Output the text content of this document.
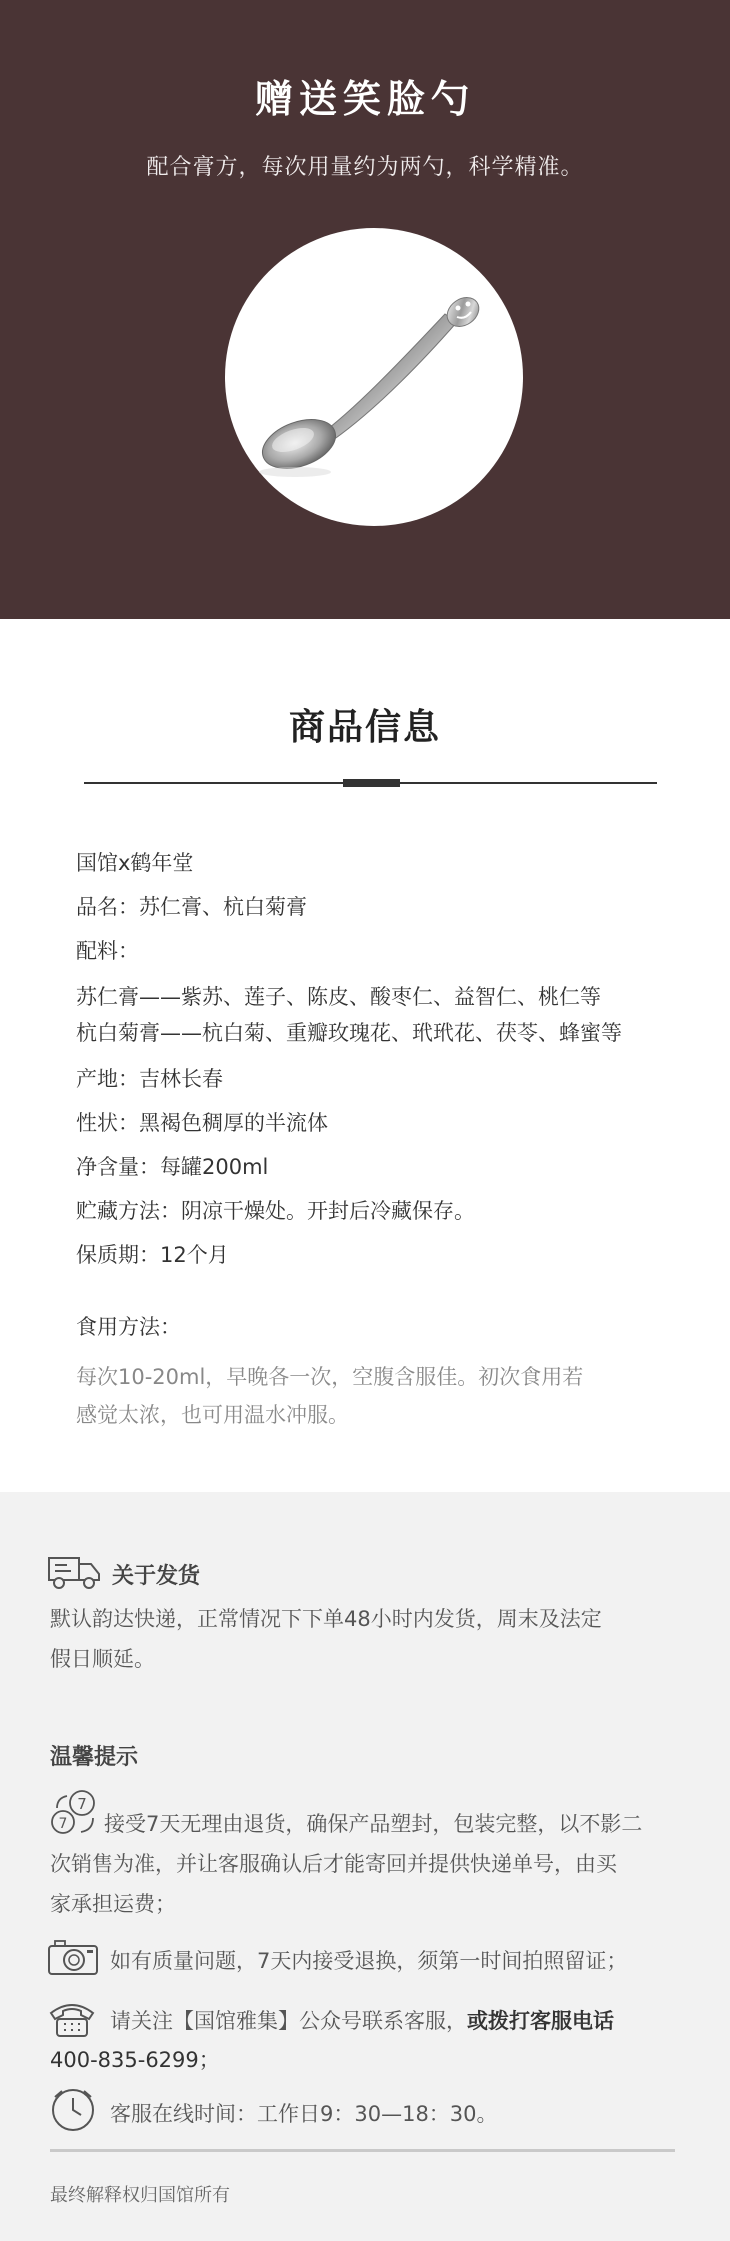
赠送笑脸勺

配合膏方，每次用量约为两勺，科学精准。

商品信息

国馆x鹤年堂

品名：苏仁膏、杭白菊膏

配料：

苏仁膏——紫苏、莲子、陈皮、酸枣仁、益智仁、桃仁等

杭白菊膏——杭白菊、重瓣玫瑰花、玳玳花、茯苓、蜂蜜等

产地：吉林长春

性状：黑褐色稠厚的半流体

净含量：每罐200ml

贮藏方法：阴凉干燥处。开封后冷藏保存。

保质期：12个月

食用方法：

每次10-20ml，早晚各一次，空腹含服佳。初次食用若

感觉太浓，也可用温水冲服。

关于发货

默认韵达快递，正常情况下下单48小时内发货，周末及法定

假日顺延。

温馨提示
7
7 接受7天无理由退货，确保产品塑封，包装完整，以不影二

次销售为准，并让客服确认后才能寄回并提供快递单号，由买

家承担运费；

如有质量问题，7天内接受退换，须第一时间拍照留证；

请关注【国馆雅集】公众号联系客服，或拨打客服电话

400-835-6299；

客服在线时间：工作日9：30—18：30。

最终解释权归国馆所有
